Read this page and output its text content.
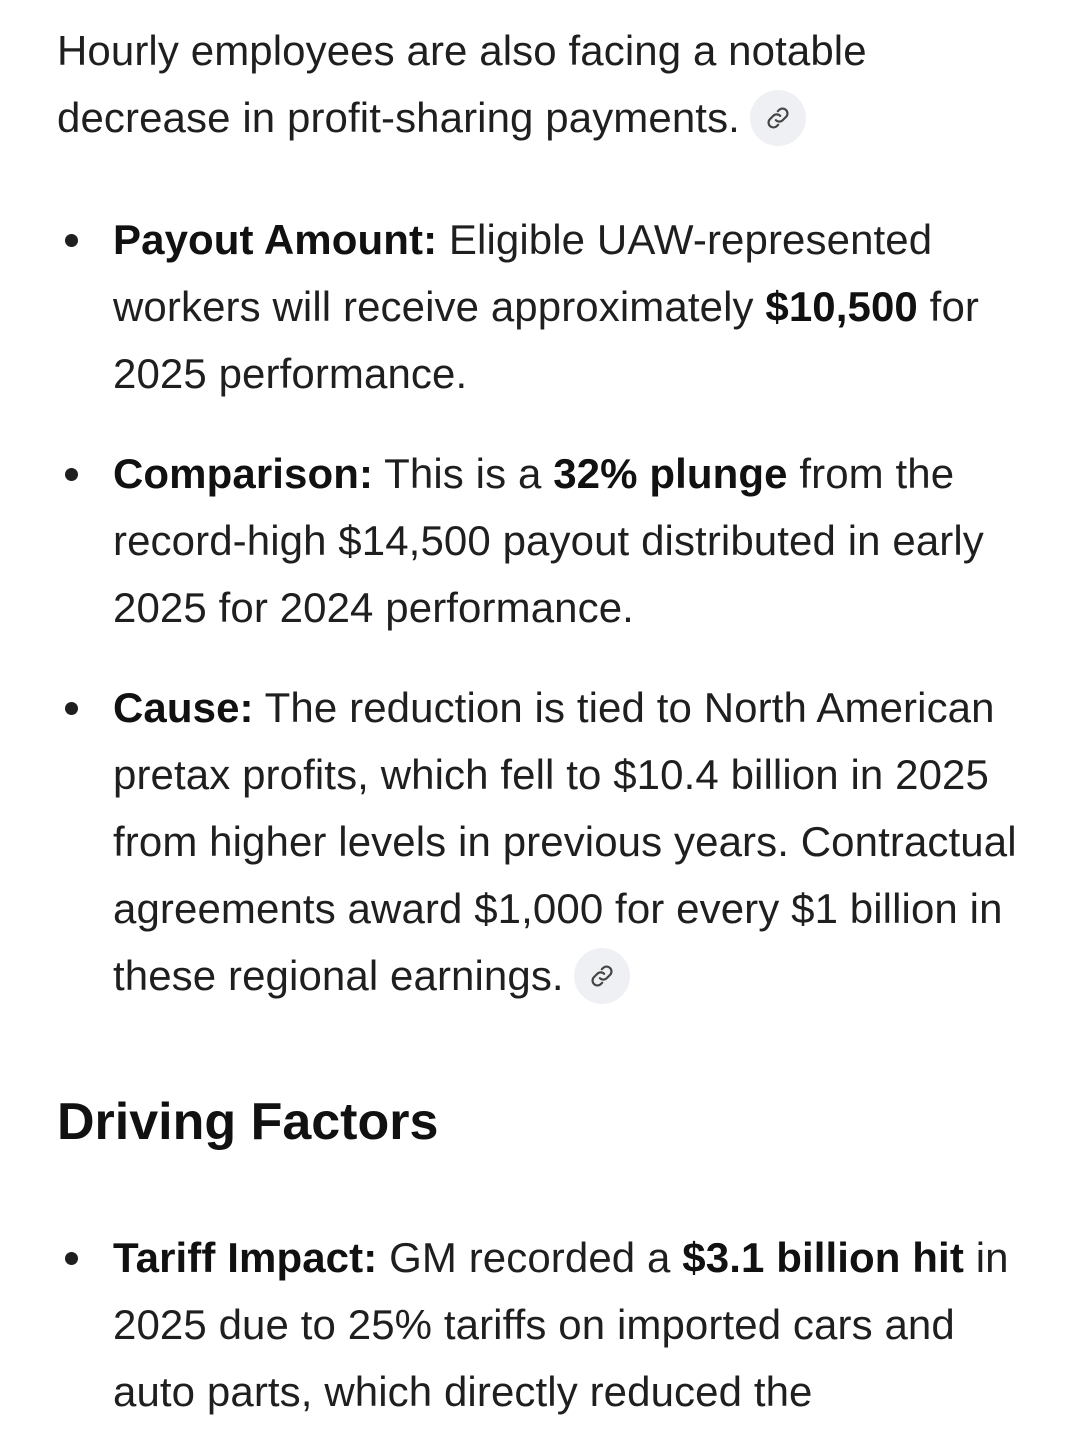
Hourly employees are also facing a notable decrease in profit-sharing payments.

Payout Amount: Eligible UAW-represented workers will receive approximately $10,500 for 2025 performance.
Comparison: This is a 32% plunge from the record-high $14,500 payout distributed in early 2025 for 2024 performance.
Cause: The reduction is tied to North American pretax profits, which fell to $10.4 billion in 2025 from higher levels in previous years. Contractual agreements award $1,000 for every $1 billion in these regional earnings.
Driving Factors
Tariff Impact: GM recorded a $3.1 billion hit in 2025 due to 25% tariffs on imported cars and auto parts, which directly reduced the
